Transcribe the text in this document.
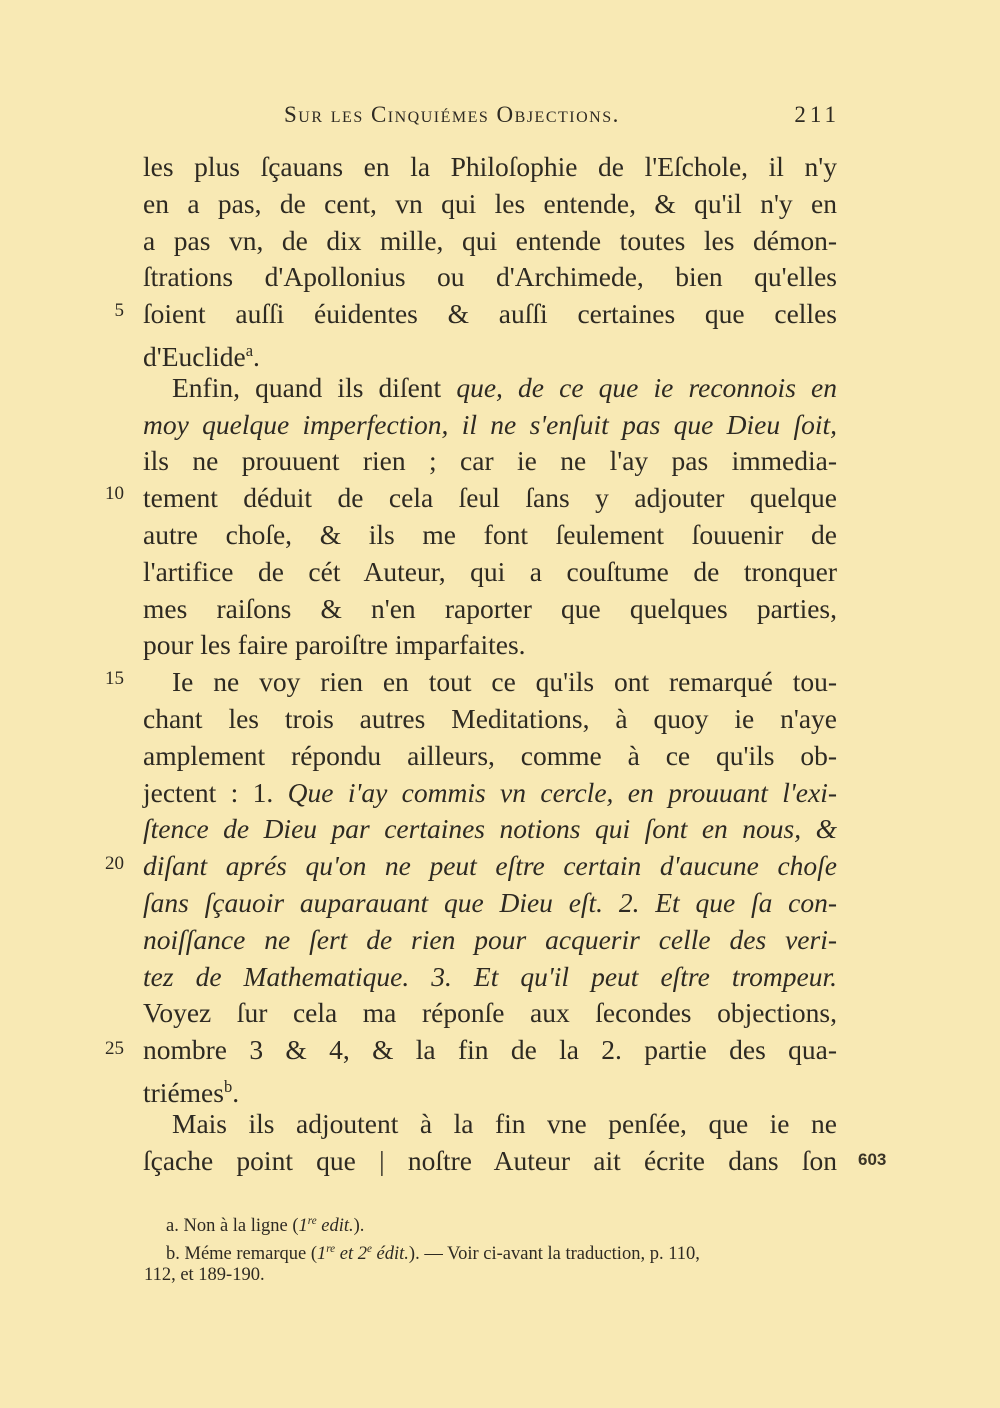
Sur les Cinquiémes Objections.	211
les plus ſçauans en la Philoſophie de l'Eſchole, il n'y
en a pas, de cent, vn qui les entende, & qu'il n'y en
a pas vn, de dix mille, qui entende toutes les démon-
ſtrations d'Apollonius ou d'Archimede, bien qu'elles
ſoient auſſi éuidentes & auſſi certaines que celles
d'Euclide$^a$.
Enfin, quand ils diſent que, de ce que ie reconnois en
moy quelque imperfection, il ne s'enſuit pas que Dieu ſoit,
ils ne prouuent rien ; car ie ne l'ay pas immedia-
tement déduit de cela ſeul ſans y adjouter quelque
autre choſe, & ils me font ſeulement ſouuenir de
l'artifice de cét Auteur, qui a couſtume de tronquer
mes raiſons & n'en raporter que quelques parties,
pour les faire paroiſtre imparfaites.
Ie ne voy rien en tout ce qu'ils ont remarqué tou-
chant les trois autres Meditations, à quoy ie n'aye
amplement répondu ailleurs, comme à ce qu'ils ob-
jectent : 1. Que i'ay commis vn cercle, en prouuant l'exi-
ſtence de Dieu par certaines notions qui ſont en nous, &
diſant aprés qu'on ne peut eſtre certain d'aucune choſe
ſans ſçauoir auparauant que Dieu eſt. 2. Et que ſa con-
noiſſance ne ſert de rien pour acquerir celle des veri-
tez de Mathematique. 3. Et qu'il peut eſtre trompeur.
Voyez ſur cela ma réponſe aux ſecondes objections,
nombre 3 & 4, & la fin de la 2. partie des qua-
triémes$^b$.
Mais ils adjoutent à la fin vne penſée, que ie ne
ſçache point que | noſtre Auteur ait écrite dans ſon
5
10
15
20
25
603
a. Non à la ligne (1re edit.).
b. Méme remarque (1re et 2e édit.). — Voir ci-avant la traduction, p. 110,
112, et 189-190.
